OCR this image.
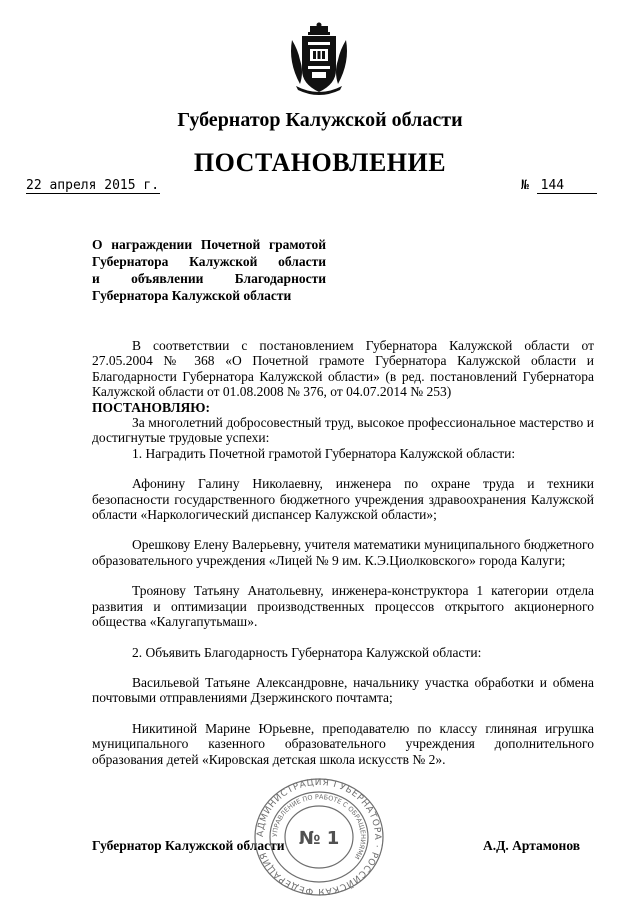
Губернатор Калужской области
ПОСТАНОВЛЕНИЕ
22 апреля 2015 г.	№ 144
О награждении Почетной грамотой
Губернатора Калужской области
и объявлении Благодарности
Губернатора Калужской области

В соответствии с постановлением Губернатора Калужской области от 27.05.2004 № 368 «О Почетной грамоте Губернатора Калужской области и Благодарности Губернатора Калужской области» (в ред. постановлений Губернатора Калужской области от 01.08.2008 № 376, от 04.07.2014 № 253)

ПОСТАНОВЛЯЮ:

За многолетний добросовестный труд, высокое профессиональное мастерство и достигнутые трудовые успехи:

1. Наградить Почетной грамотой Губернатора Калужской области:

Афонину Галину Николаевну, инженера по охране труда и техники безопасности государственного бюджетного учреждения здравоохранения Калужской области «Наркологический диспансер Калужской области»;

Орешкову Елену Валерьевну, учителя математики муниципального бюджетного образовательного учреждения «Лицей № 9 им. К.Э.Циолковского» города Калуги;

Троянову Татьяну Анатольевну, инженера-конструктора 1 категории отдела развития и оптимизации производственных процессов открытого акционерного общества «Калугапутьмаш».

2. Объявить Благодарность Губернатора Калужской области:

Васильевой Татьяне Александровне, начальнику участка обработки и обмена почтовыми отправлениями Дзержинского почтамта;

Никитиной Марине Юрьевне, преподавателю по классу глиняная игрушка муниципального казенного образовательного учреждения дополнительного образования детей «Кировская детская школа искусств № 2».

Губернатор Калужской области	А.Д. Артамонов
АДМИНИСТРАЦИЯ ГУБЕРНАТОРА · РОССИЙСКАЯ ФЕДЕРАЦИЯ
УПРАВЛЕНИЕ ПО РАБОТЕ С ОБРАЩЕНИЯМИ
№ 1
